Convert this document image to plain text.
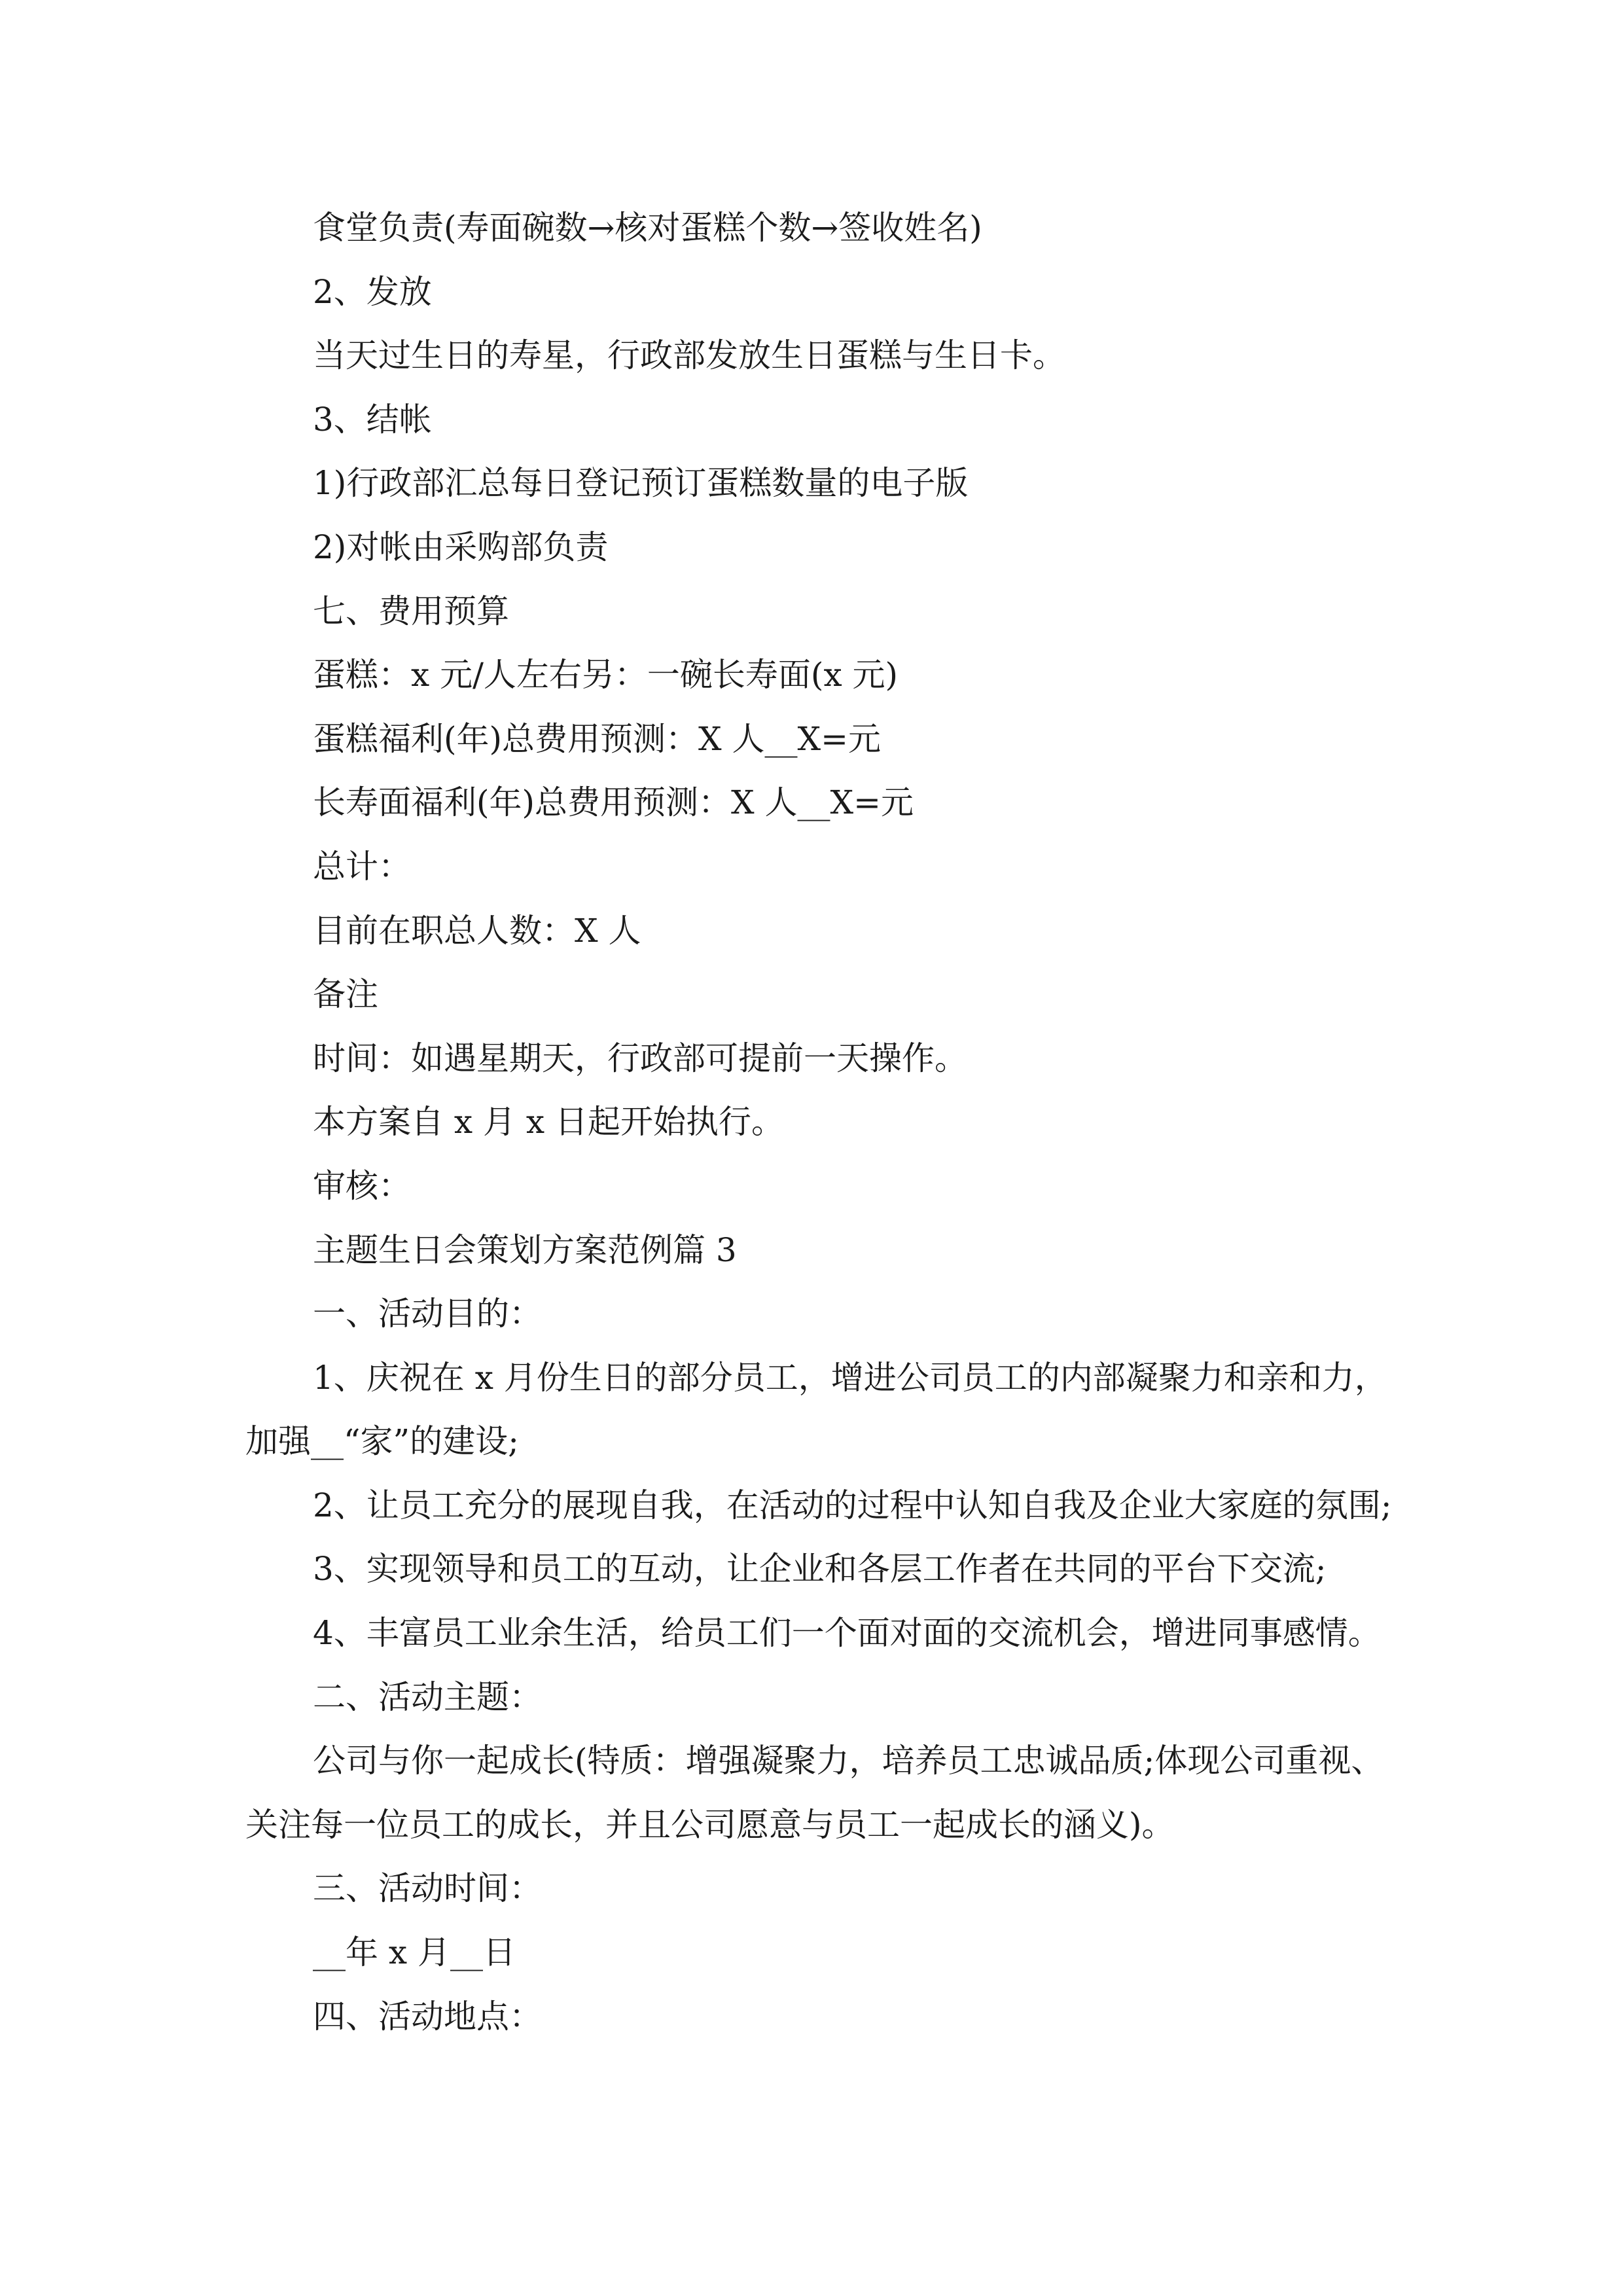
食堂负责(寿面碗数→核对蛋糕个数→签收姓名)

2、发放

当天过生日的寿星，行政部发放生日蛋糕与生日卡。

3、结帐

1)行政部汇总每日登记预订蛋糕数量的电子版

2)对帐由采购部负责

七、费用预算

蛋糕：x 元/人左右另：一碗长寿面(x 元)

蛋糕福利(年)总费用预测：X 人__X=元

长寿面福利(年)总费用预测：X 人__X=元

总计：

目前在职总人数：X 人

备注

时间：如遇星期天，行政部可提前一天操作。

本方案自 x 月 x 日起开始执行。

审核：

主题生日会策划方案范例篇 3

一、活动目的：

1、庆祝在 x 月份生日的部分员工，增进公司员工的内部凝聚力和亲和力，

加强__“家”的建设;

2、让员工充分的展现自我，在活动的过程中认知自我及企业大家庭的氛围;

3、实现领导和员工的互动，让企业和各层工作者在共同的平台下交流;

4、丰富员工业余生活，给员工们一个面对面的交流机会，增进同事感情。

二、活动主题：

公司与你一起成长(特质：增强凝聚力，培养员工忠诚品质;体现公司重视、

关注每一位员工的成长，并且公司愿意与员工一起成长的涵义)。

三、活动时间：

__年 x 月__日

四、活动地点：
